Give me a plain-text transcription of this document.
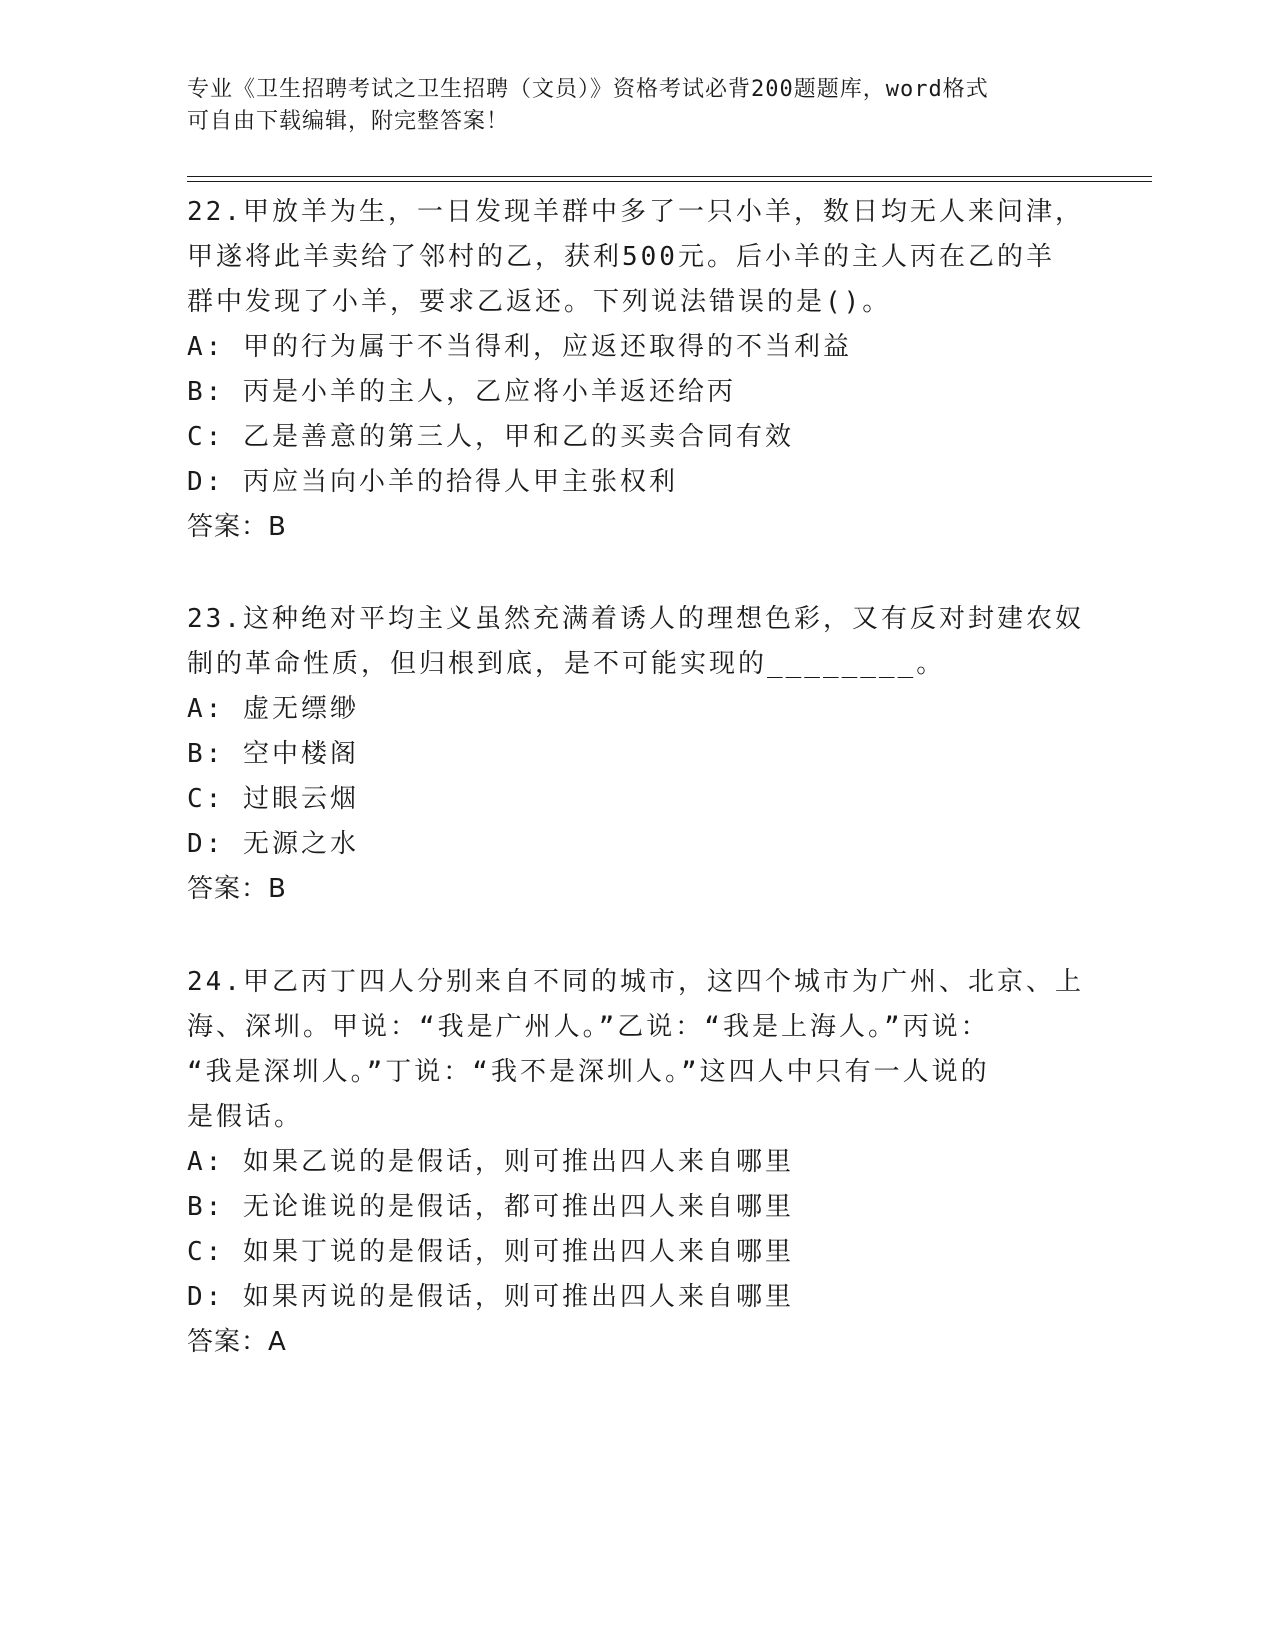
专业《卫生招聘考试之卫生招聘（文员）》资格考试必背200题题库，word格式
可自由下载编辑，附完整答案！
22.甲放羊为生，一日发现羊群中多了一只小羊，数日均无人来问津，
甲遂将此羊卖给了邻村的乙，获利500元。后小羊的主人丙在乙的羊
群中发现了小羊，要求乙返还。下列说法错误的是()。
A: 甲的行为属于不当得利，应返还取得的不当利益
B: 丙是小羊的主人，乙应将小羊返还给丙
C: 乙是善意的第三人，甲和乙的买卖合同有效
D: 丙应当向小羊的拾得人甲主张权利
答案：B
23.这种绝对平均主义虽然充满着诱人的理想色彩，又有反对封建农奴
制的革命性质，但归根到底，是不可能实现的________。
A: 虚无缥缈
B: 空中楼阁
C: 过眼云烟
D: 无源之水
答案：B
24.甲乙丙丁四人分别来自不同的城市，这四个城市为广州、北京、上
海、深圳。甲说：“我是广州人。”乙说：“我是上海人。”丙说：
“我是深圳人。”丁说：“我不是深圳人。”这四人中只有一人说的
是假话。
A: 如果乙说的是假话，则可推出四人来自哪里
B: 无论谁说的是假话，都可推出四人来自哪里
C: 如果丁说的是假话，则可推出四人来自哪里
D: 如果丙说的是假话，则可推出四人来自哪里
答案：A
